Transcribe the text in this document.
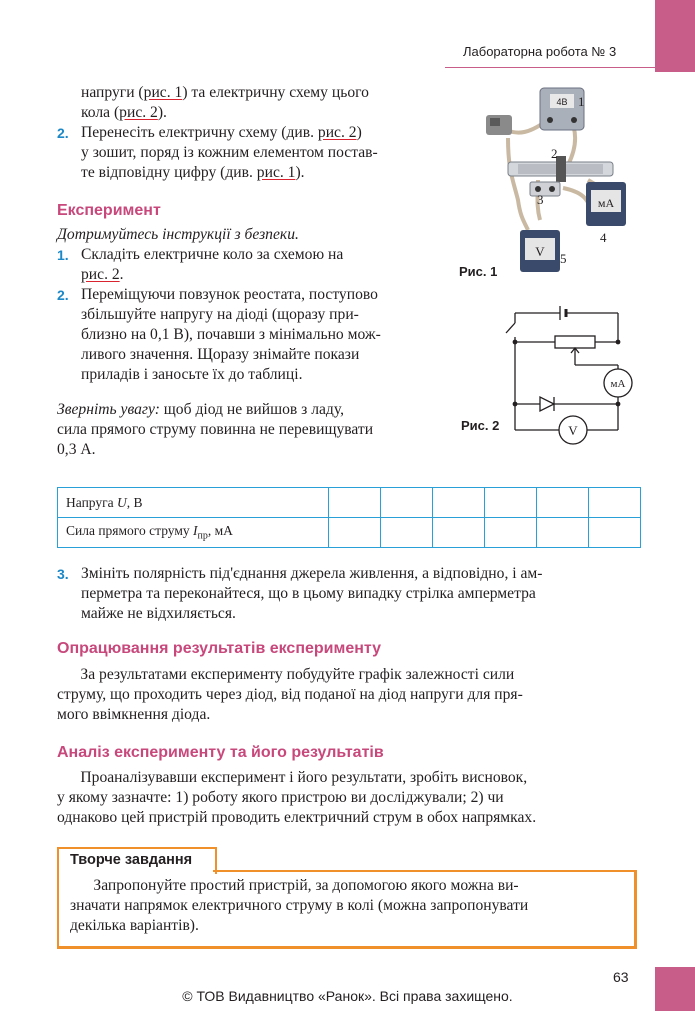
Лабораторна робота № 3
напруги (рис. 1) та електричну схему цього
кола (рис. 2).
2. Перенесіть електричну схему (див. рис. 2)
у зошит, поряд із кожним елементом постав-
те відповідну цифру (див. рис. 1).
Експеримент
Дотримуйтесь інструкції з безпеки.
1. Складіть електричне коло за схемою на
рис. 2.
2. Переміщуючи повзунок реостата, поступово
збільшуйте напругу на діоді (щоразу при-
близно на 0,1 В), почавши з мінімально мож-
ливого значення. Щоразу знімайте покази
приладів і заносьте їх до таблиці.
Зверніть увагу: щоб діод не вийшов з ладу,
сила прямого струму повинна не перевищувати
0,3 А.
4В
мА
V
1
2
3
4
5
Рис. 1
мА
V
Рис. 2
Напруга U, В						
Сила прямого струму $I_{пр}$, мА						
3. Змініть полярність під'єднання джерела живлення, а відповідно, і ам-
перметра та переконайтеся, що в цьому випадку стрілка амперметра
майже не відхиляється.
Опрацювання результатів експерименту
За результатами експерименту побудуйте графік залежності сили
струму, що проходить через діод, від поданої на діод напруги для пря-
мого ввімкнення діода.
Аналіз експерименту та його результатів
Проаналізувавши експеримент і його результати, зробіть висновок,
у якому зазначте: 1) роботу якого пристрою ви досліджували; 2) чи
однаково цей пристрій проводить електричний струм в обох напрямках.
Творче завдання
Запропонуйте простий пристрій, за допомогою якого можна ви-
значати напрямок електричного струму в колі (можна запропонувати
декілька варіантів).
63
© ТОВ Видавництво «Ранок». Всі права захищено.
